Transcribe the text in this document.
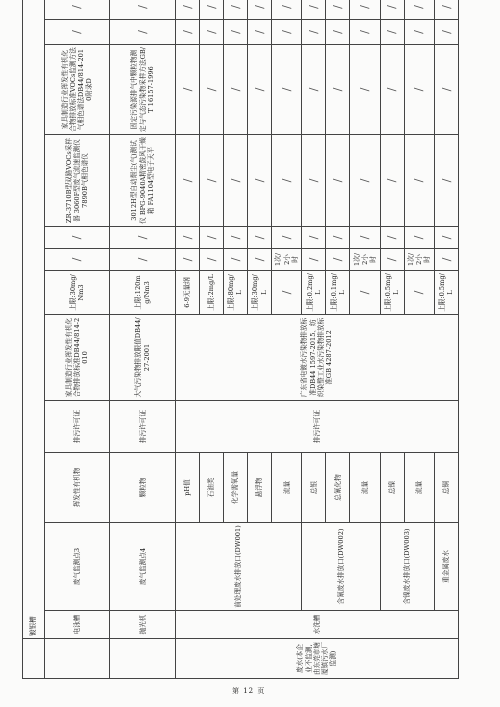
	镀银槽												
	电泳槽	废气监测点3	挥发性有机物	排污许可证	家具制造行业挥发性有机化合物排放标准DB44/814-2010	上限:30mg/Nm3	/	/	ZR-3710B型双路VOCs采样器 3060F型废气流速监测仪 7890B气相色谱仪	家具制造行业挥发性有机化合物排放标准VOCs监测方法 气相色谱法DB44/814-2010附录D	/	/	
	抛光机	废气监测点4	颗粒物	排污许可证	大气污染物排放限值DB44/27-2001	上限:120mg/Nm3	/	/	3012H型自动烟尘(气)测试仪 BPG-9040A精密鼓风干燥箱 FA1104型电子天平	固定污染源排气中颗粒物测定与气态污染物采样方法GB/T 16157-1996	/	/	
废水(本企业不监测,由东莞市塘厦镇污水厂监测)	水洗槽	前处理废水排放口(DW001)	pH值	排污许可证	广东省电镀水污染物排放标准DB44 1597-2015、纺织染整工业水污染物排放标准GB 4287-2012	6-9无量纲	/	/	/	/	/	/	
			石油类			上限:2mg/L	/	/	/	/	/	/	
			化学需氧量			上限:80mg/L	/	/	/	/	/	/	
			悬浮物			上限:30mg/L	/	/	/	/	/	/	
			流量			/	1次/2小时	/	/	/	/	/	
		含氰废水排放口(DW002)	总银			上限:0.2mg/L	/	/	/	/	/	/	
			总氰化物			上限:0.1mg/L	/	/	/	/	/	/	
			流量			/	1次/2小时	/	/	/	/	/	
		含镍废水排放口(DW003)	总镍			上限:0.5mg/L	/	/	/	/	/	/	
			流量			/	1次/2小时	/	/	/	/	/	
		重金属废水	总铜			上限:0.5mg/L	/	/	/	/	/	/	
第 12 页
